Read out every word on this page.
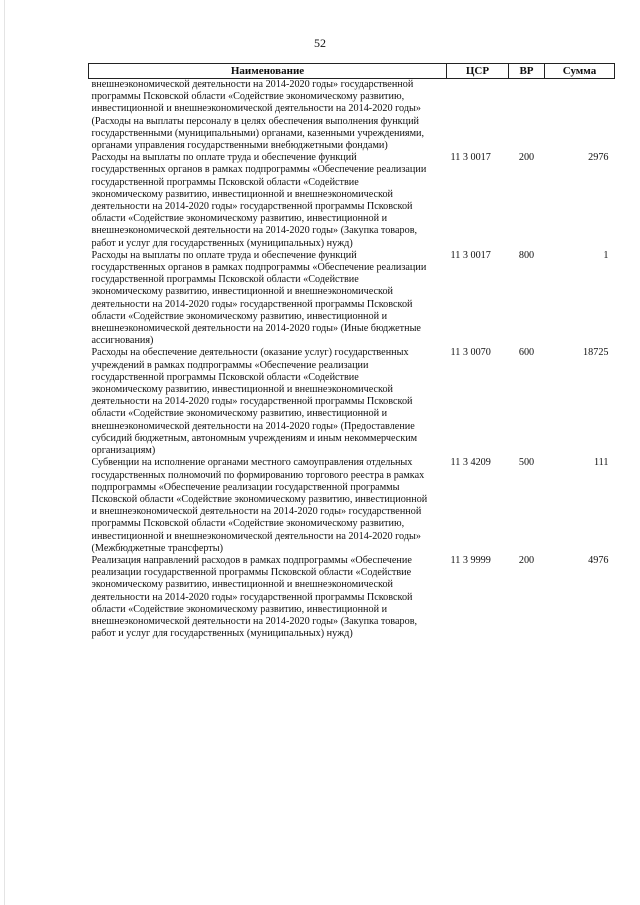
52
Наименование	ЦСР	ВР	Сумма
внешнеэкономической деятельности на 2014-2020 годы» государственной программы Псковской области «Содействие экономическому развитию, инвестиционной и внешнеэкономической деятельности на 2014-2020 годы» (Расходы на выплаты персоналу в целях обеспечения выполнения функций государственными (муниципальными) органами, казенными учреждениями, органами управления государственными внебюджетными фондами)			
Расходы на выплаты по оплате труда и обеспечение функций государственных органов в рамках подпрограммы «Обеспечение реализации государственной программы Псковской области «Содействие экономическому развитию, инвестиционной и внешнеэкономической деятельности на 2014-2020 годы» государственной программы Псковской области «Содействие экономическому развитию, инвестиционной и внешнеэкономической деятельности на 2014-2020 годы» (Закупка товаров, работ и услуг для государственных (муниципальных) нужд)	11 3 0017	200	2976
Расходы на выплаты по оплате труда и обеспечение функций государственных органов в рамках подпрограммы «Обеспечение реализации государственной программы Псковской области «Содействие экономическому развитию, инвестиционной и внешнеэкономической деятельности на 2014-2020 годы» государственной программы Псковской области «Содействие экономическому развитию, инвестиционной и внешнеэкономической деятельности на 2014-2020 годы» (Иные бюджетные ассигнования)	11 3 0017	800	1
Расходы на обеспечение деятельности (оказание услуг) государственных учреждений в рамках подпрограммы «Обеспечение реализации государственной программы Псковской области «Содействие экономическому развитию, инвестиционной и внешнеэкономической деятельности на 2014-2020 годы» государственной программы Псковской области «Содействие экономическому развитию, инвестиционной и внешнеэкономической деятельности на 2014-2020 годы» (Предоставление субсидий бюджетным, автономным учреждениям и иным некоммерческим организациям)	11 3 0070	600	18725
Субвенции на исполнение органами местного самоуправления отдельных государственных полномочий по формированию торгового реестра в рамках подпрограммы «Обеспечение реализации государственной программы Псковской области «Содействие экономическому развитию, инвестиционной и внешнеэкономической деятельности на 2014-2020 годы» государственной программы Псковской области «Содействие экономическому развитию, инвестиционной и внешнеэкономической деятельности на 2014-2020 годы» (Межбюджетные трансферты)	11 3 4209	500	111
Реализация направлений расходов в рамках подпрограммы «Обеспечение реализации государственной программы Псковской области «Содействие экономическому развитию, инвестиционной и внешнеэкономической деятельности на 2014-2020 годы» государственной программы Псковской области «Содействие экономическому развитию, инвестиционной и внешнеэкономической деятельности на 2014-2020 годы» (Закупка товаров, работ и услуг для государственных (муниципальных) нужд)	11 3 9999	200	4976
